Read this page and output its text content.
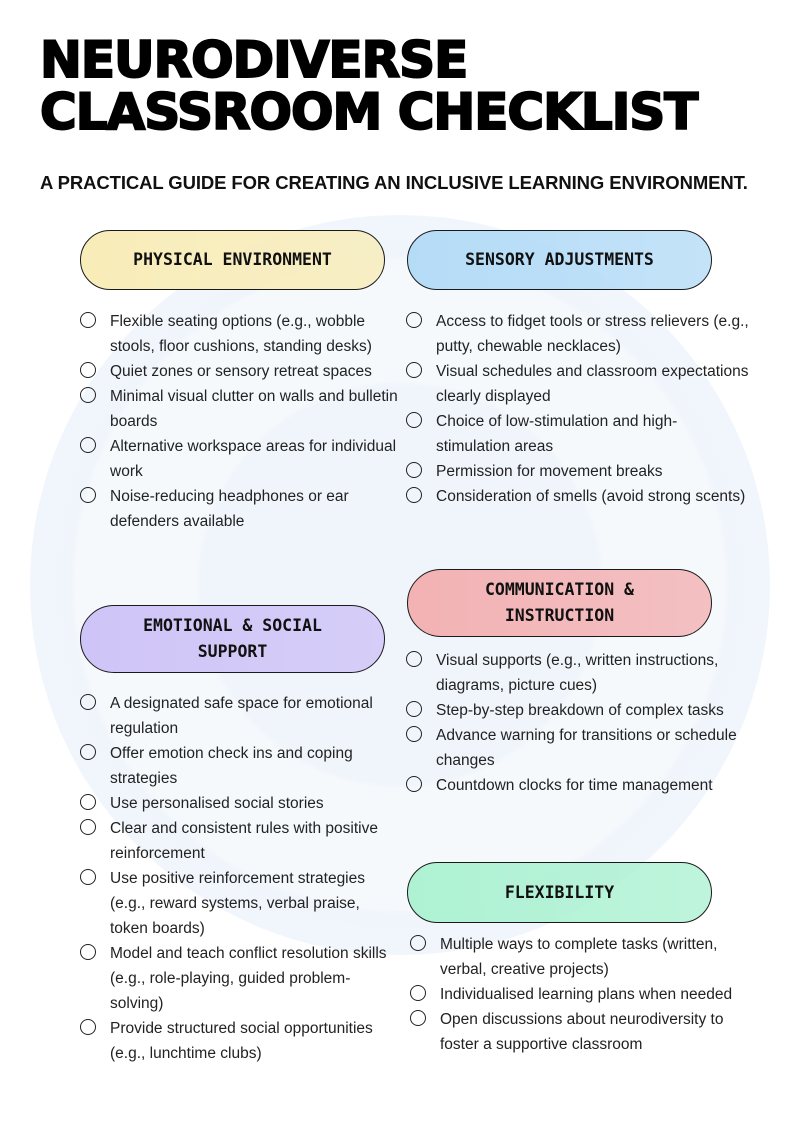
NEURODIVERSE
CLASSROOM CHECKLIST
A PRACTICAL GUIDE FOR CREATING AN INCLUSIVE LEARNING ENVIRONMENT.
PHYSICAL ENVIRONMENT
Flexible seating options (e.g., wobble stools, floor cushions, standing desks)
Quiet zones or sensory retreat spaces
Minimal visual clutter on walls and bulletin boards
Alternative workspace areas for individual work
Noise-reducing headphones or ear defenders available
SENSORY ADJUSTMENTS
Access to fidget tools or stress relievers (e.g., putty, chewable necklaces)
Visual schedules and classroom expectations clearly displayed
Choice of low-stimulation and high-stimulation areas
Permission for movement breaks
Consideration of smells (avoid strong scents)
EMOTIONAL & SOCIAL SUPPORT
A designated safe space for emotional regulation
Offer emotion check ins and coping strategies
Use personalised social stories
Clear and consistent rules with positive reinforcement
Use positive reinforcement strategies (e.g., reward systems, verbal praise, token boards)
Model and teach conflict resolution skills (e.g., role-playing, guided problem-solving)
Provide structured social opportunities (e.g., lunchtime clubs)
COMMUNICATION & INSTRUCTION
Visual supports (e.g., written instructions, diagrams, picture cues)
Step-by-step breakdown of complex tasks
Advance warning for transitions or schedule changes
Countdown clocks for time management
FLEXIBILITY
Multiple ways to complete tasks (written, verbal, creative projects)
Individualised learning plans when needed
Open discussions about neurodiversity to foster a supportive classroom
